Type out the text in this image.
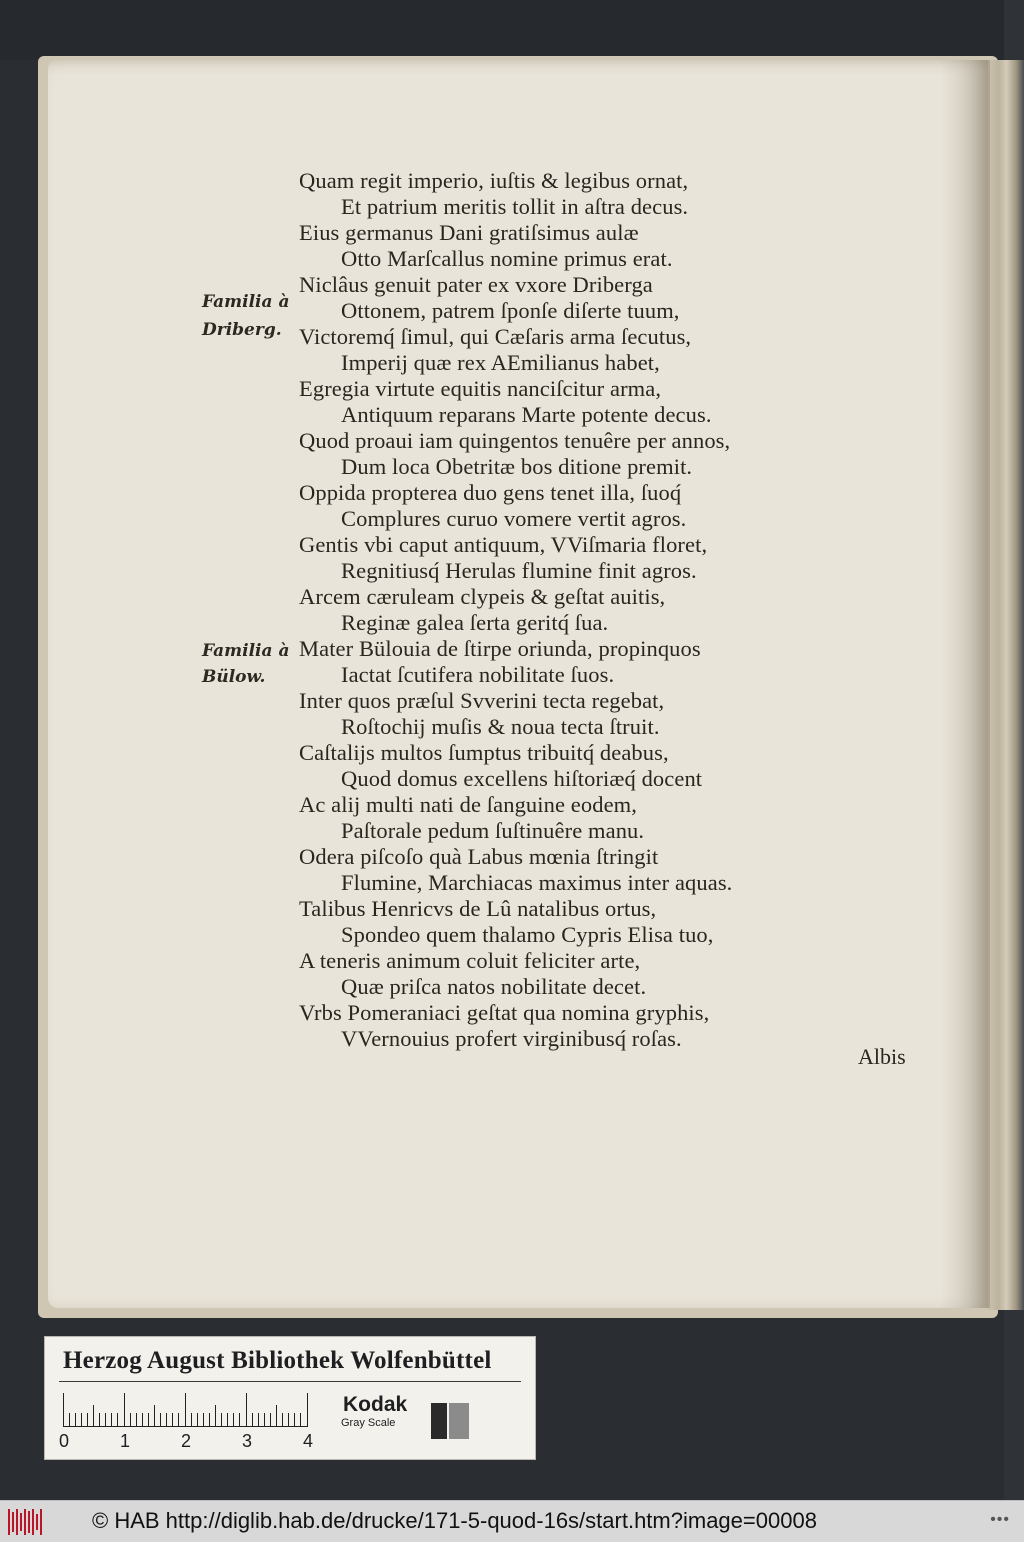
Quam regit imperio, iuſtis & legibus ornat,
Et patrium meritis tollit in aſtra decus.
Eius germanus Dani gratiſsimus aulæ
Otto Marſcallus nomine primus erat.
Niclâus genuit pater ex vxore Driberga
Ottonem, patrem ſponſe diſerte tuum,
Victoremq́ ſimul, qui Cæſaris arma ſecutus,
Imperij quæ rex AEmilianus habet,
Egregia virtute equitis nanciſcitur arma,
Antiquum reparans Marte potente decus.
Quod proaui iam quingentos tenuêre per annos,
Dum loca Obetritæ bos ditione premit.
Oppida propterea duo gens tenet illa, ſuoq́
Complures curuo vomere vertit agros.
Gentis vbi caput antiquum, VViſmaria floret,
Regnitiusq́ Herulas flumine finit agros.
Arcem cæruleam clypeis & geſtat auitis,
Reginæ galea ſerta geritq́ ſua.
Mater Bülouia de ſtirpe oriunda, propinquos
Iactat ſcutifera nobilitate ſuos.
Inter quos præſul Svverini tecta regebat,
Roſtochij muſis & noua tecta ſtruit.
Caſtalijs multos ſumptus tribuitq́ deabus,
Quod domus excellens hiſtoriæq́ docent
Ac alij multi nati de ſanguine eodem,
Paſtorale pedum ſuſtinuêre manu.
Odera piſcoſo quà Labus mœnia ſtringit
Flumine, Marchiacas maximus inter aquas.
Talibus Henricvs de Lû natalibus ortus,
Spondeo quem thalamo Cypris Elisa tuo,
A teneris animum coluit feliciter arte,
Quæ priſca natos nobilitate decet.
Vrbs Pomeraniaci geſtat qua nomina gryphis,
VVernouius profert virginibusq́ roſas.
Familia à
Driberg.
Familia à
Bülow.
Albis
Herzog August Bibliothek Wolfenbüttel
0	1	2	3	4
Kodak
Gray Scale
© HAB http://diglib.hab.de/drucke/171-5-quod-16s/start.htm?image=00008	•••
